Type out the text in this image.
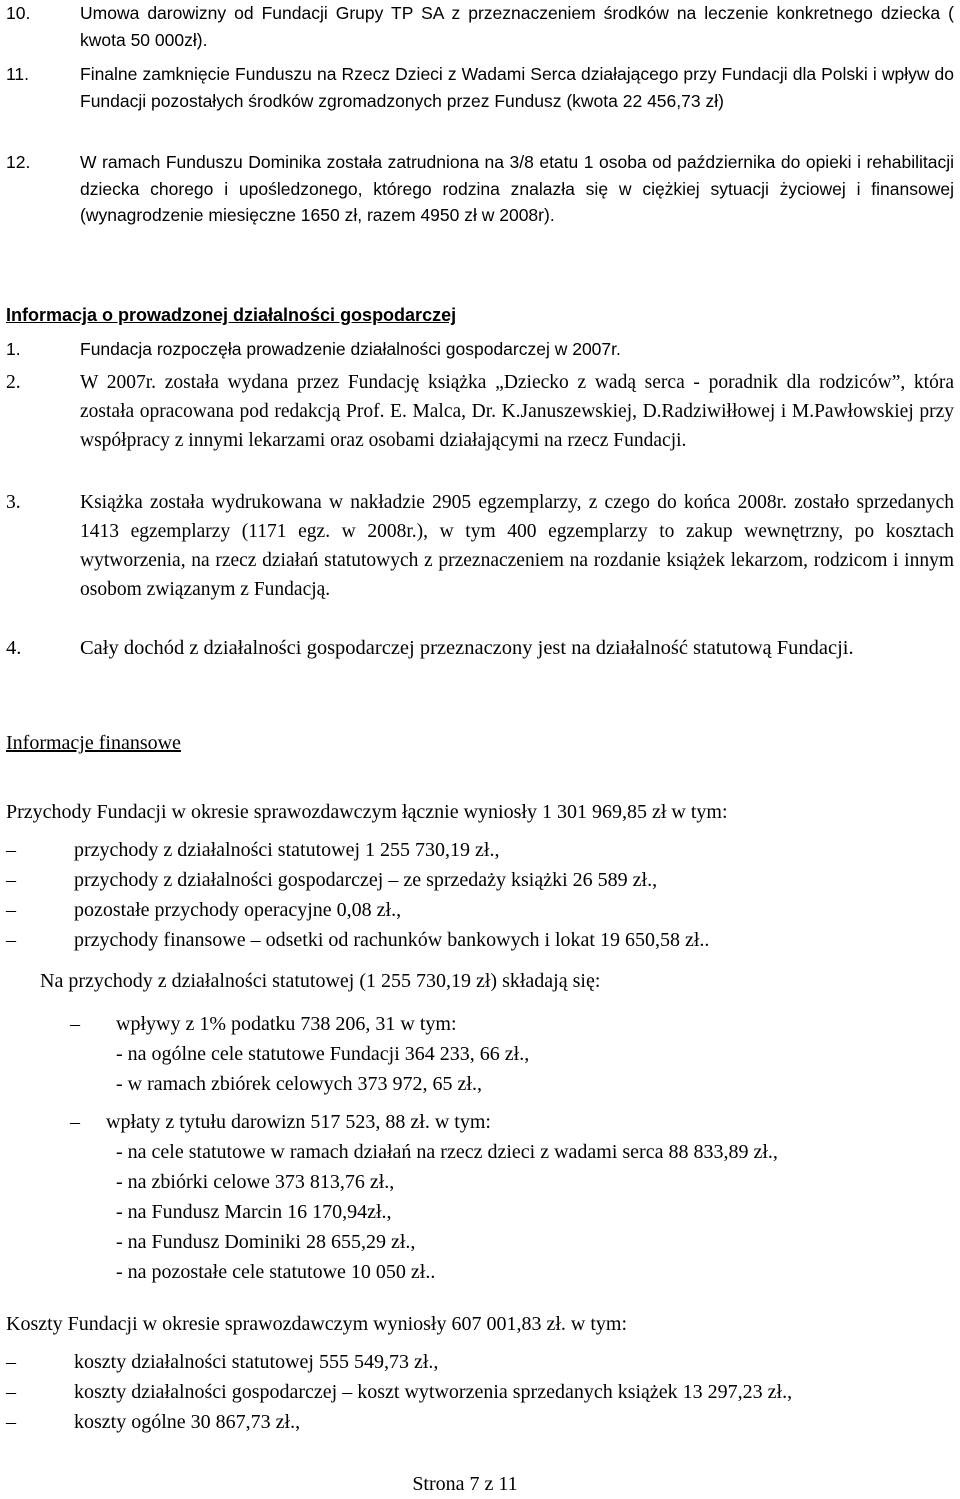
10.	Umowa darowizny od Fundacji Grupy TP SA z przeznaczeniem środków na leczenie konkretnego dziecka ( kwota 50 000zł).
11.	Finalne zamknięcie Funduszu na Rzecz Dzieci z Wadami Serca działającego przy Fundacji dla Polski i wpływ do Fundacji pozostałych środków zgromadzonych przez Fundusz (kwota 22 456,73 zł)
12.	W ramach Funduszu Dominika została zatrudniona na 3/8 etatu 1 osoba od października do opieki i rehabilitacji dziecka chorego i upośledzonego, którego rodzina znalazła się w ciężkiej sytuacji życiowej i finansowej (wynagrodzenie miesięczne 1650 zł, razem 4950 zł w 2008r).
Informacja o prowadzonej działalności gospodarczej
1.	Fundacja rozpoczęła prowadzenie działalności gospodarczej w 2007r.
2.	W 2007r. została wydana przez Fundację książka „Dziecko z wadą serca - poradnik dla rodziców”, która została opracowana pod redakcją Prof. E. Malca, Dr. K.Januszewskiej, D.Radziwiłłowej i M.Pawłowskiej przy współpracy z innymi lekarzami oraz osobami działającymi na rzecz Fundacji.
3.	Książka została wydrukowana w nakładzie 2905 egzemplarzy, z czego do końca 2008r. zostało sprzedanych 1413 egzemplarzy (1171 egz. w 2008r.), w tym 400 egzemplarzy to zakup wewnętrzny, po kosztach wytworzenia, na rzecz działań statutowych z przeznaczeniem na rozdanie książek lekarzom, rodzicom i innym osobom związanym z Fundacją.
4.	Cały dochód z działalności gospodarczej przeznaczony jest na działalność statutową Fundacji.
Informacje finansowe
Przychody Fundacji w okresie sprawozdawczym łącznie wyniosły 1 301 969,85 zł w tym:
–	przychody z działalności statutowej 1 255 730,19 zł.,
–	przychody z działalności gospodarczej – ze sprzedaży książki 26 589 zł.,
–	pozostałe przychody operacyjne 0,08 zł.,
–	przychody finansowe – odsetki od rachunków bankowych i lokat 19 650,58 zł..
Na przychody z działalności statutowej (1 255 730,19 zł) składają się:
– wpływy z 1% podatku 738 206, 31 w tym:
- na ogólne cele statutowe Fundacji 364 233, 66 zł.,
- w ramach zbiórek celowych 373 972, 65 zł.,
– wpłaty z tytułu darowizn 517 523, 88 zł. w tym:
- na cele statutowe w ramach działań na rzecz dzieci z wadami serca 88 833,89 zł.,
- na zbiórki celowe 373 813,76 zł.,
- na Fundusz Marcin 16 170,94zł.,
- na Fundusz Dominiki 28 655,29 zł.,
- na pozostałe cele statutowe 10 050 zł..
Koszty Fundacji w okresie sprawozdawczym wyniosły 607 001,83 zł. w tym:
–	koszty działalności statutowej 555 549,73 zł.,
–	koszty działalności gospodarczej – koszt wytworzenia sprzedanych książek 13 297,23 zł.,
–	koszty ogólne 30 867,73 zł.,
Strona 7 z 11
